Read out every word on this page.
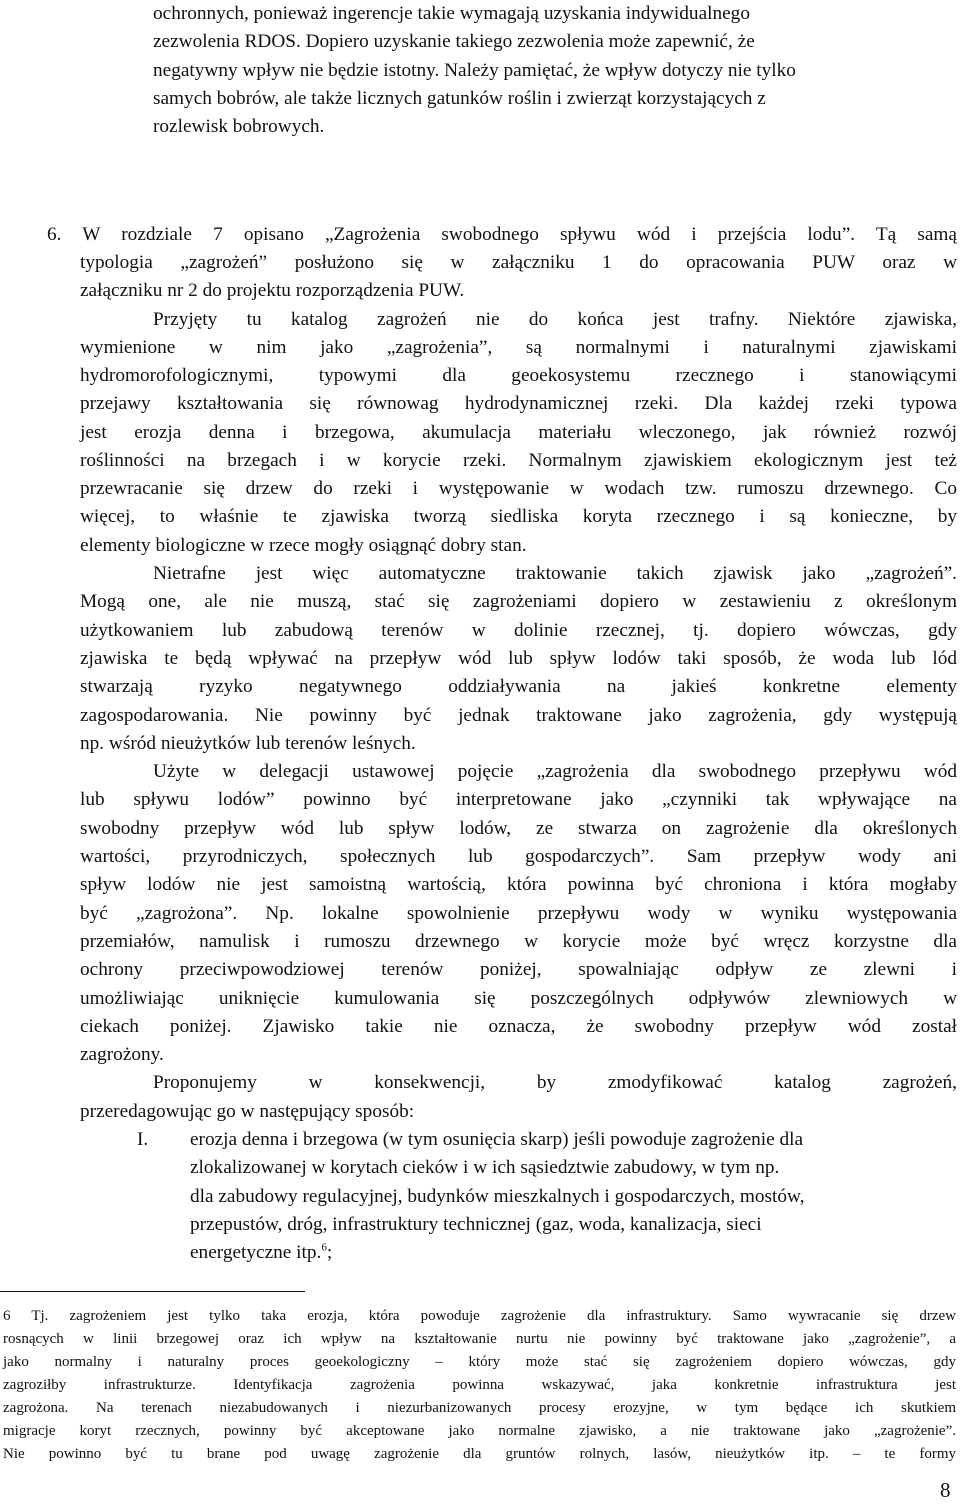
ochronnych, ponieważ ingerencje takie wymagają uzyskania indywidualnego
zezwolenia RDOS. Dopiero uzyskanie takiego zezwolenia może zapewnić, że
negatywny wpływ nie będzie istotny. Należy pamiętać, że wpływ dotyczy nie tylko
samych bobrów, ale także licznych gatunków roślin i zwierząt korzystających z
rozlewisk bobrowych.
6. W rozdziale 7 opisano „Zagrożenia swobodnego spływu wód i przejścia lodu”. Tą samą
typologia „zagrożeń” posłużono się w załączniku 1 do opracowania PUW oraz w
załączniku nr 2 do projektu rozporządzenia PUW.
Przyjęty tu katalog zagrożeń nie do końca jest trafny. Niektóre zjawiska,
wymienione w nim jako „zagrożenia”, są normalnymi i naturalnymi zjawiskami
hydromorofologicznymi, typowymi dla geoekosystemu rzecznego i stanowiącymi
przejawy kształtowania się równowag hydrodynamicznej rzeki. Dla każdej rzeki typowa
jest erozja denna i brzegowa, akumulacja materiału wleczonego, jak również rozwój
roślinności na brzegach i w korycie rzeki. Normalnym zjawiskiem ekologicznym jest też
przewracanie się drzew do rzeki i występowanie w wodach tzw. rumoszu drzewnego. Co
więcej, to właśnie te zjawiska tworzą siedliska koryta rzecznego i są konieczne, by
elementy biologiczne w rzece mogły osiągnąć dobry stan.
Nietrafne jest więc automatyczne traktowanie takich zjawisk jako „zagrożeń”.
Mogą one, ale nie muszą, stać się zagrożeniami dopiero w zestawieniu z określonym
użytkowaniem lub zabudową terenów w dolinie rzecznej, tj. dopiero wówczas, gdy
zjawiska te będą wpływać na przepływ wód lub spływ lodów taki sposób, że woda lub lód
stwarzają ryzyko negatywnego oddziaływania na jakieś konkretne elementy
zagospodarowania. Nie powinny być jednak traktowane jako zagrożenia, gdy występują
np. wśród nieużytków lub terenów leśnych.
Użyte w delegacji ustawowej pojęcie „zagrożenia dla swobodnego przepływu wód
lub spływu lodów” powinno być interpretowane jako „czynniki tak wpływające na
swobodny przepływ wód lub spływ lodów, ze stwarza on zagrożenie dla określonych
wartości, przyrodniczych, społecznych lub gospodarczych”. Sam przepływ wody ani
spływ lodów nie jest samoistną wartością, która powinna być chroniona i która mogłaby
być „zagrożona”. Np. lokalne spowolnienie przepływu wody w wyniku występowania
przemiałów, namulisk i rumoszu drzewnego w korycie może być wręcz korzystne dla
ochrony przeciwpowodziowej terenów poniżej, spowalniając odpływ ze zlewni i
umożliwiając uniknięcie kumulowania się poszczególnych odpływów zlewniowych w
ciekach poniżej. Zjawisko takie nie oznacza, że swobodny przepływ wód został
zagrożony.
Proponujemy w konsekwencji, by zmodyfikować katalog zagrożeń,
przeredagowując go w następujący sposób:
I. erozja denna i brzegowa (w tym osunięcia skarp) jeśli powoduje zagrożenie dla
zlokalizowanej w korytach cieków i w ich sąsiedztwie zabudowy, w tym np.
dla zabudowy regulacyjnej, budynków mieszkalnych i gospodarczych, mostów,
przepustów, dróg, infrastruktury technicznej (gaz, woda, kanalizacja, sieci
energetyczne itp.$^6$;
6 Tj. zagrożeniem jest tylko taka erozja, która powoduje zagrożenie dla infrastruktury. Samo wywracanie się drzew
rosnących w linii brzegowej oraz ich wpływ na kształtowanie nurtu nie powinny być traktowane jako „zagrożenie”, a
jako normalny i naturalny proces geoekologiczny – który może stać się zagrożeniem dopiero wówczas, gdy
zagroziłby infrastrukturze. Identyfikacja zagrożenia powinna wskazywać, jaka konkretnie infrastruktura jest
zagrożona. Na terenach niezabudowanych i niezurbanizowanych procesy erozyjne, w tym będące ich skutkiem
migracje koryt rzecznych, powinny być akceptowane jako normalne zjawisko, a nie traktowane jako „zagrożenie”.
Nie powinno być tu brane pod uwagę zagrożenie dla gruntów rolnych, lasów, nieużytków itp. – te formy
8
